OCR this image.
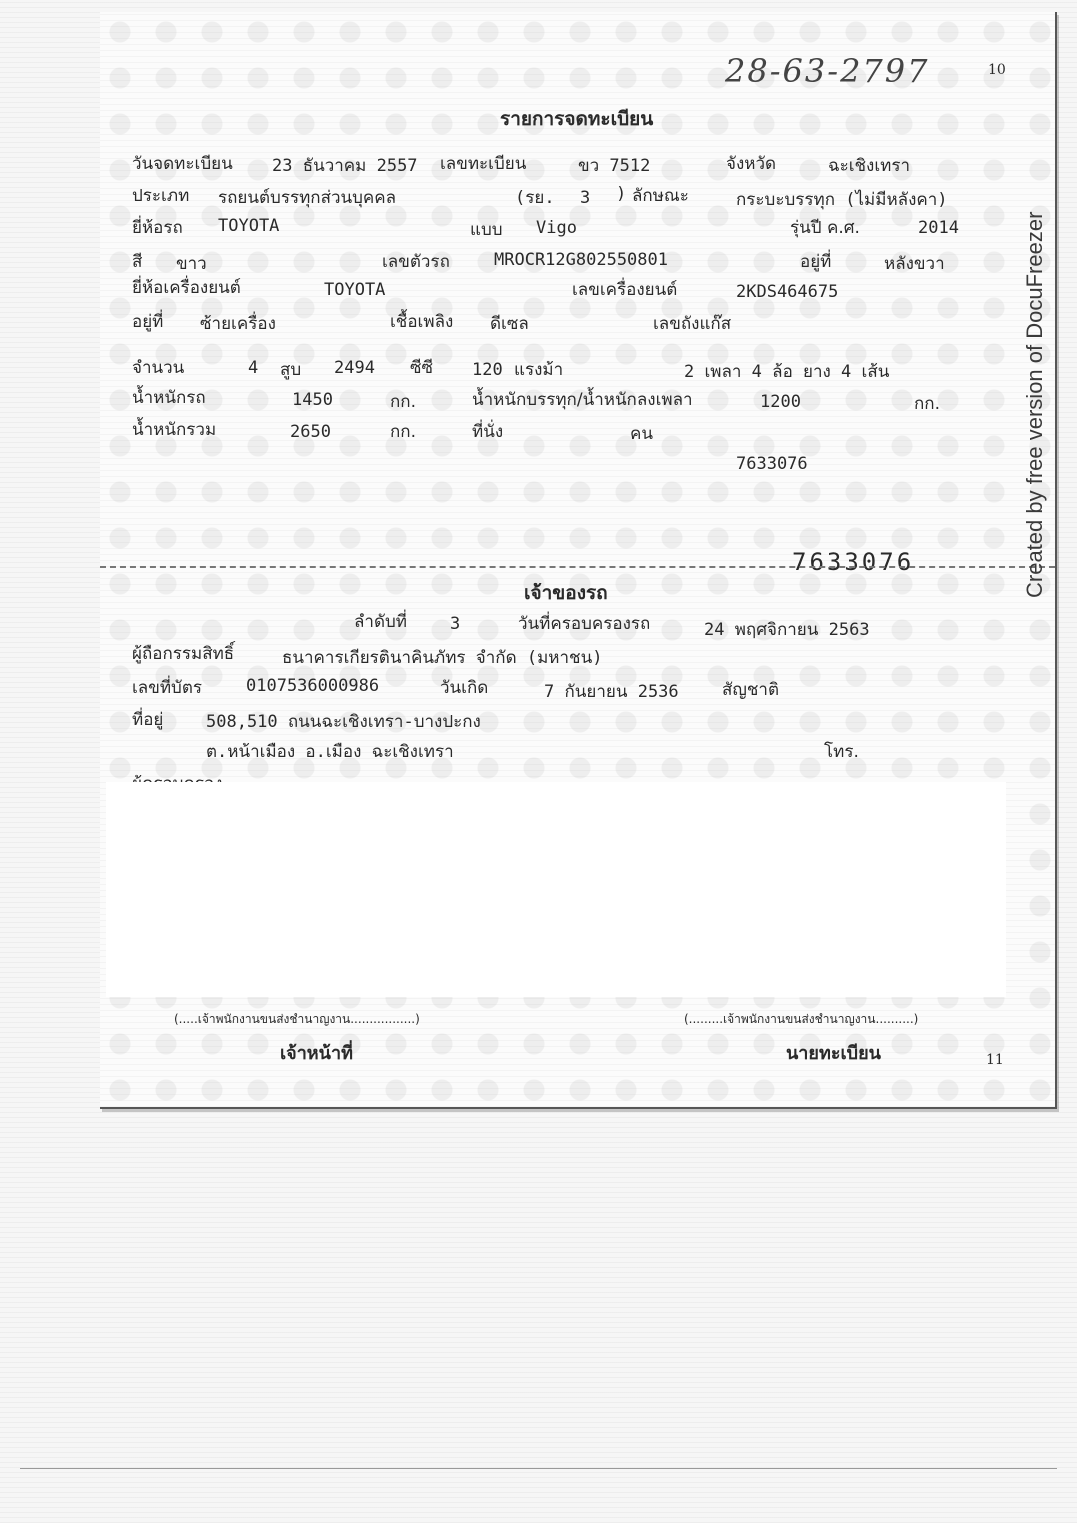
28-63-2797	10
รายการจดทะเบียน
วันจดทะเบียน 23 ธันวาคม 2557 เลขทะเบียน	ขว 7512	จังหวัด	ฉะเชิงเทรา
ประเภท รถยนต์บรรทุกส่วนบุคคล	(รย. 3 ) ลักษณะ	กระบะบรรทุก (ไม่มีหลังคา)
ยี่ห้อรถ TOYOTA	แบบ Vigo	รุ่นปี ค.ศ.	2014
สี ขาว	เลขตัวรถ	MROCR12G802550801	อยู่ที่	หลังขวา
ยี่ห้อเครื่องยนต์	TOYOTA	เลขเครื่องยนต์	2KDS464675
อยู่ที่ ซ้ายเครื่อง	เชื้อเพลิง ดีเซล	เลขถังแก๊ส
จำนวน	4 สูบ 2494 ซีซี 120 แรงม้า	2 เพลา 4 ล้อ ยาง 4 เส้น
น้ำหนักรถ	1450	กก.	น้ำหนักบรรทุก/น้ำหนักลงเพลา	1200	กก.
น้ำหนักรวม	2650	กก.	ที่นั่ง	คน
7633076
7633076
เจ้าของรถ
ลำดับที่	3	วันที่ครอบครองรถ	24 พฤศจิกายน 2563
ผู้ถือกรรมสิทธิ์	ธนาคารเกียรตินาคินภัทร จำกัด (มหาชน)
เลขที่บัตร	0107536000986	วันเกิด	7 กันยายน 2536	สัญชาติ
ที่อยู่	508,510 ถนนฉะเชิงเทรา-บางปะกง
ต.หน้าเมือง อ.เมือง ฉะเชิงเทรา	โทร.
(.....เจ้าพนักงานขนส่งชำนาญงาน.................)
เจ้าหน้าที่
(.........เจ้าพนักงานขนส่งชำนาญงาน..........)
นายทะเบียน	11
Created by free version of DocuFreezer
